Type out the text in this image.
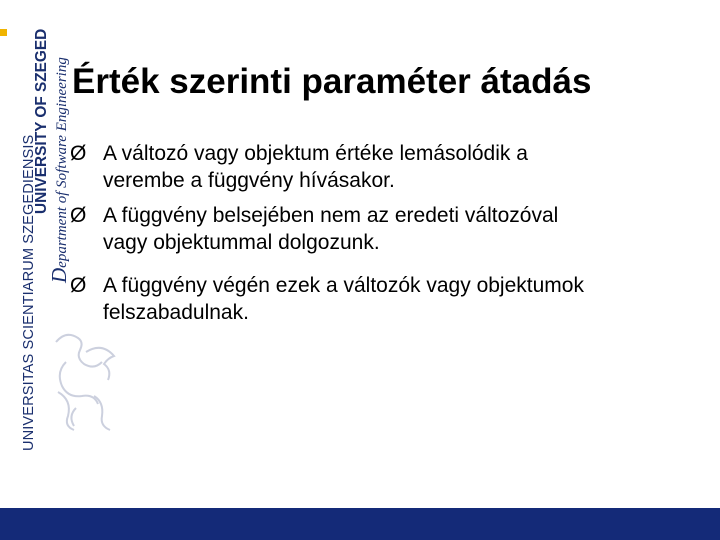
UNIVERSITAS SCIENTIARUM SZEGEDIENSIS
UNIVERSITY OF SZEGED
Department of Software Engineering Érték szerinti paraméter átadás
Ø A változó vagy objektum értéke lemásolódik a
verembe a függvény hívásakor.
Ø A függvény belsejében nem az eredeti változóval
vagy objektummal dolgozunk.
Ø A függvény végén ezek a változók vagy objektumok
felszabadulnak.
